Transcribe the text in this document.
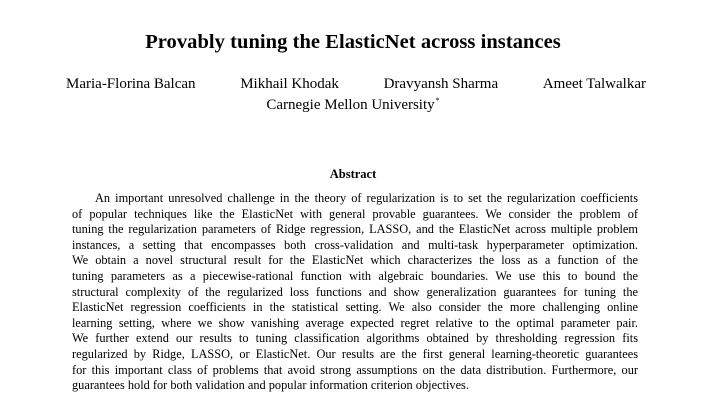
Provably tuning the ElasticNet across instances
Maria-Florina Balcan	Mikhail Khodak	Dravyansh Sharma	Ameet Talwalkar
Carnegie Mellon University*
Abstract
An important unresolved challenge in the theory of regularization is to set the regularization coefficients
of popular techniques like the ElasticNet with general provable guarantees. We consider the problem of
tuning the regularization parameters of Ridge regression, LASSO, and the ElasticNet across multiple problem
instances, a setting that encompasses both cross-validation and multi-task hyperparameter optimization.
We obtain a novel structural result for the ElasticNet which characterizes the loss as a function of the
tuning parameters as a piecewise-rational function with algebraic boundaries. We use this to bound the
structural complexity of the regularized loss functions and show generalization guarantees for tuning the
ElasticNet regression coefficients in the statistical setting. We also consider the more challenging online
learning setting, where we show vanishing average expected regret relative to the optimal parameter pair.
We further extend our results to tuning classification algorithms obtained by thresholding regression fits
regularized by Ridge, LASSO, or ElasticNet. Our results are the first general learning-theoretic guarantees
for this important class of problems that avoid strong assumptions on the data distribution. Furthermore, our
guarantees hold for both validation and popular information criterion objectives.
